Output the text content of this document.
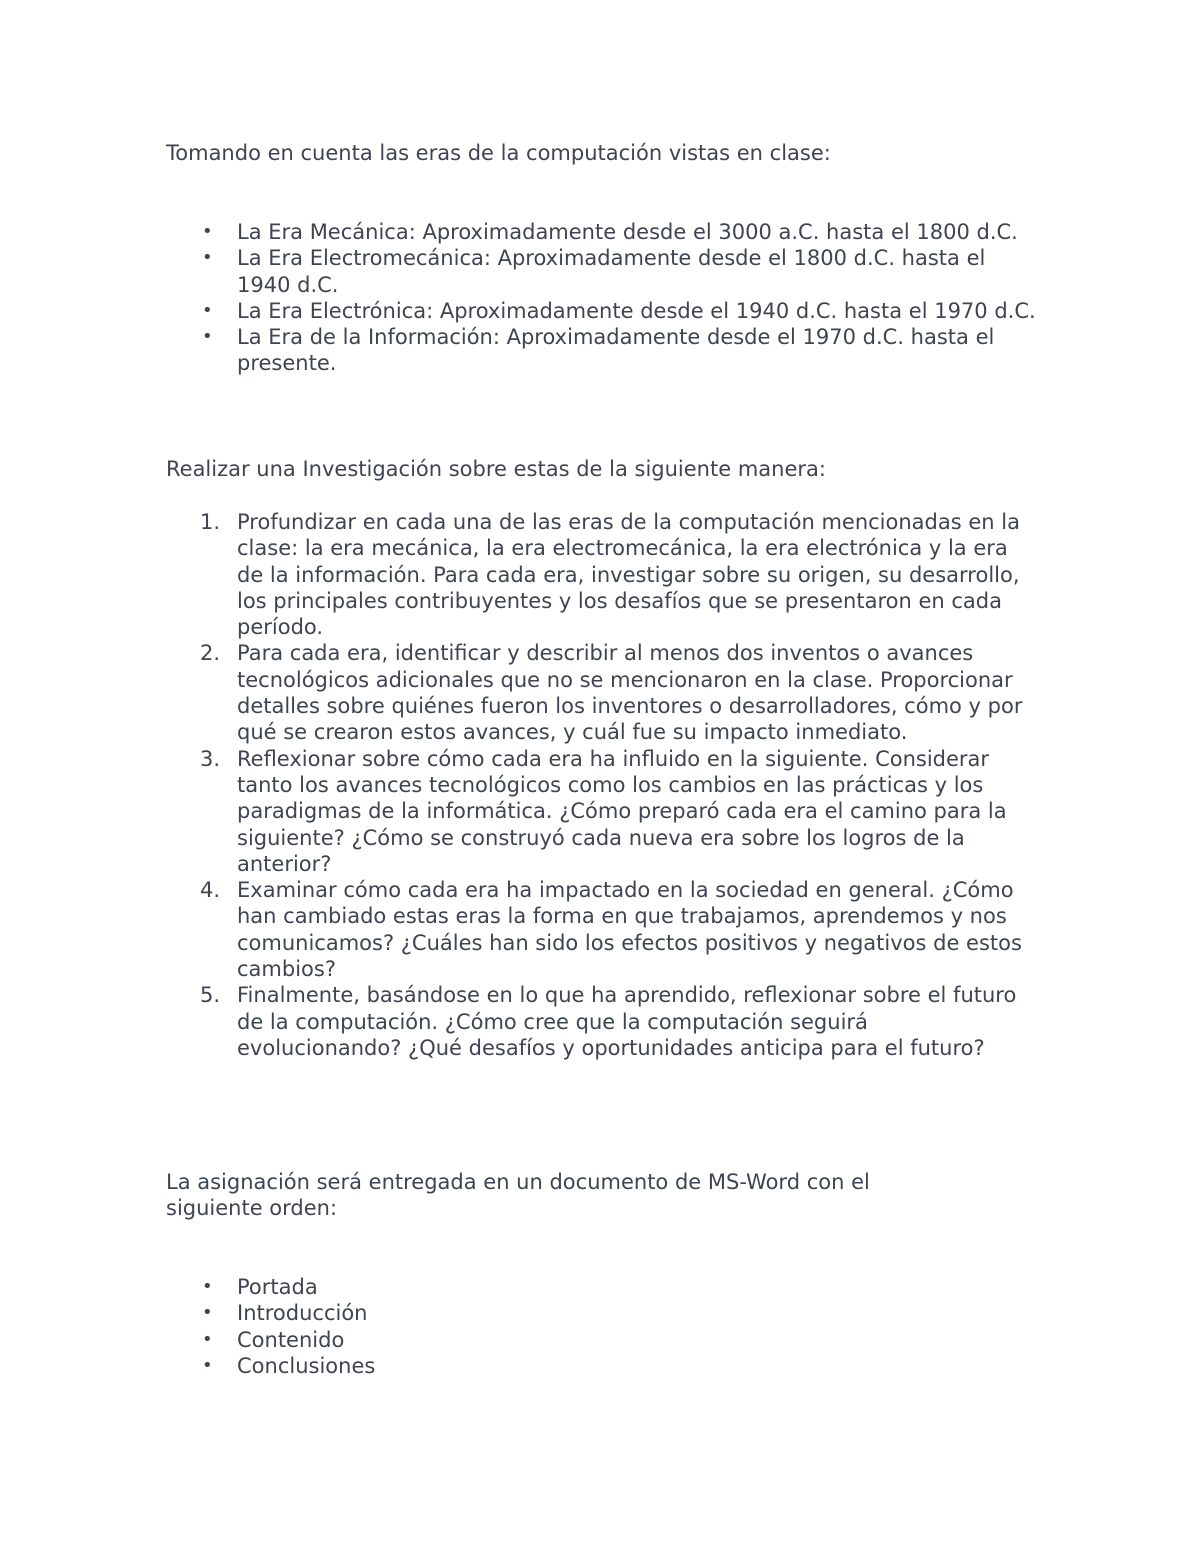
Tomando en cuenta las eras de la computación vistas en clase:

• La Era Mecánica: Aproximadamente desde el 3000 a.C. hasta el 1800 d.C.
• La Era Electromecánica: Aproximadamente desde el 1800 d.C. hasta el 1940 d.C.
• La Era Electrónica: Aproximadamente desde el 1940 d.C. hasta el 1970 d.C.
• La Era de la Información: Aproximadamente desde el 1970 d.C. hasta el presente.

Realizar una Investigación sobre estas de la siguiente manera:

1. Profundizar en cada una de las eras de la computación mencionadas en la clase: la era mecánica, la era electromecánica, la era electrónica y la era de la información. Para cada era, investigar sobre su origen, su desarrollo, los principales contribuyentes y los desafíos que se presentaron en cada período.
2. Para cada era, identificar y describir al menos dos inventos o avances tecnológicos adicionales que no se mencionaron en la clase. Proporcionar detalles sobre quiénes fueron los inventores o desarrolladores, cómo y por qué se crearon estos avances, y cuál fue su impacto inmediato.
3. Reflexionar sobre cómo cada era ha influido en la siguiente. Considerar tanto los avances tecnológicos como los cambios en las prácticas y los paradigmas de la informática. ¿Cómo preparó cada era el camino para la siguiente? ¿Cómo se construyó cada nueva era sobre los logros de la anterior?
4. Examinar cómo cada era ha impactado en la sociedad en general. ¿Cómo han cambiado estas eras la forma en que trabajamos, aprendemos y nos comunicamos? ¿Cuáles han sido los efectos positivos y negativos de estos cambios?
5. Finalmente, basándose en lo que ha aprendido, reflexionar sobre el futuro de la computación. ¿Cómo cree que la computación seguirá evolucionando? ¿Qué desafíos y oportunidades anticipa para el futuro?

La asignación será entregada en un documento de MS-Word con el siguiente orden:

• Portada
• Introducción
• Contenido
• Conclusiones
